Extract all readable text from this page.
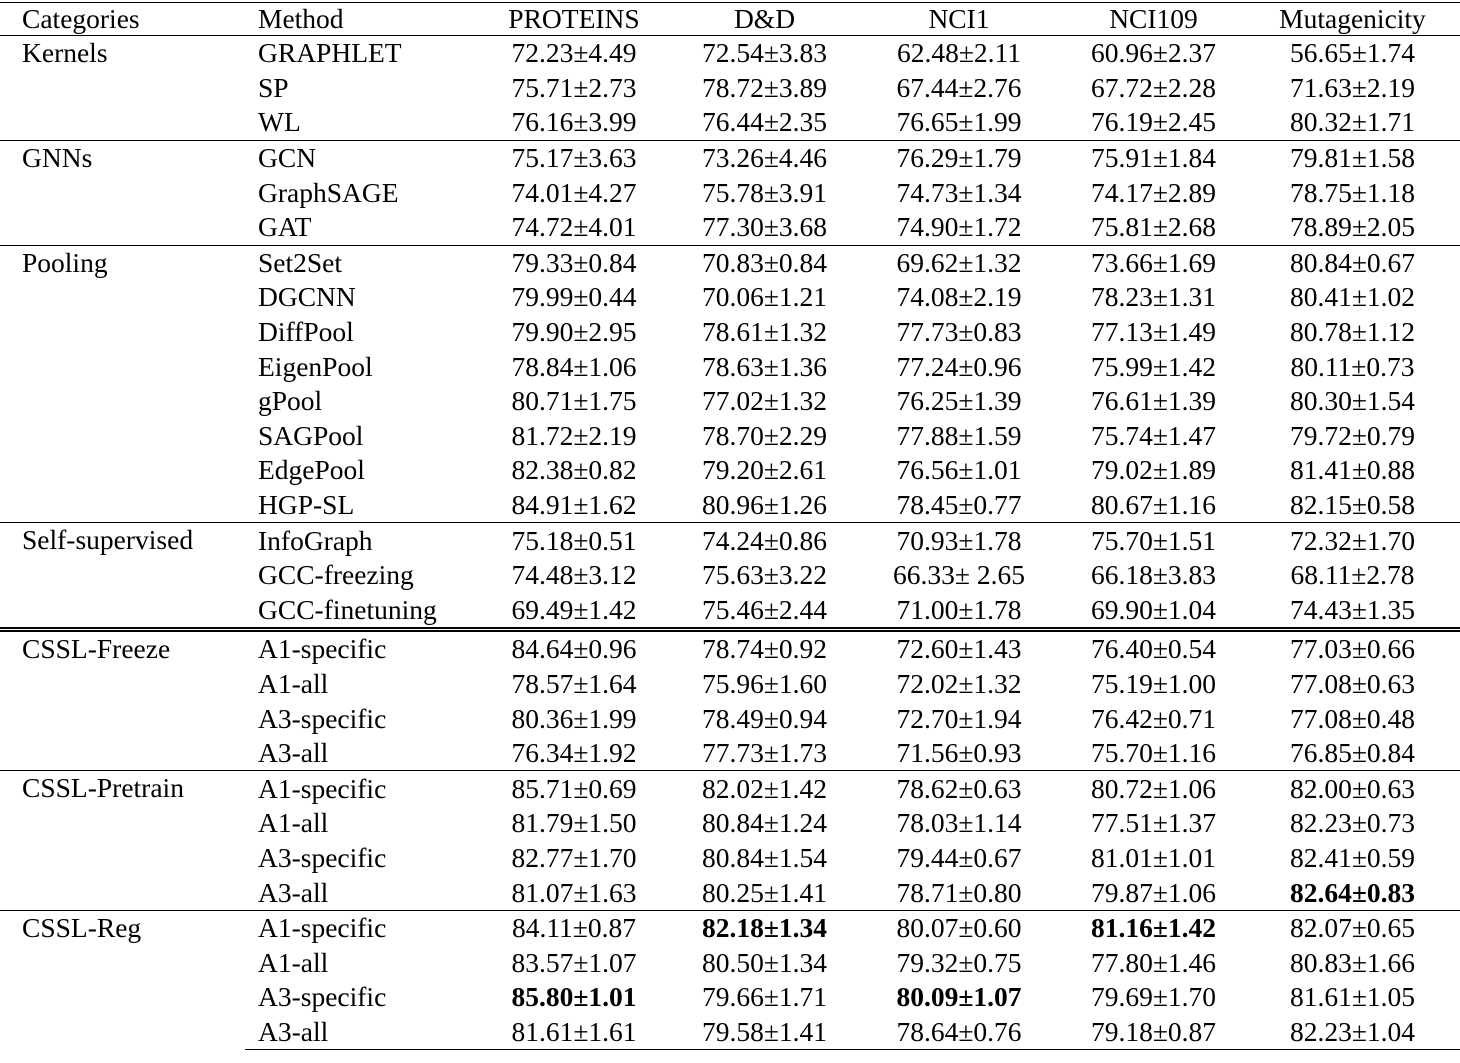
Categories	Method	PROTEINS	D&D	NCI1	NCI109	Mutagenicity
Kernels	GRAPHLET	72.23±4.49	72.54±3.83	62.48±2.11	60.96±2.37	56.65±1.74
	SP	75.71±2.73	78.72±3.89	67.44±2.76	67.72±2.28	71.63±2.19
	WL	76.16±3.99	76.44±2.35	76.65±1.99	76.19±2.45	80.32±1.71
GNNs	GCN	75.17±3.63	73.26±4.46	76.29±1.79	75.91±1.84	79.81±1.58
	GraphSAGE	74.01±4.27	75.78±3.91	74.73±1.34	74.17±2.89	78.75±1.18
	GAT	74.72±4.01	77.30±3.68	74.90±1.72	75.81±2.68	78.89±2.05
Pooling	Set2Set	79.33±0.84	70.83±0.84	69.62±1.32	73.66±1.69	80.84±0.67
	DGCNN	79.99±0.44	70.06±1.21	74.08±2.19	78.23±1.31	80.41±1.02
	DiffPool	79.90±2.95	78.61±1.32	77.73±0.83	77.13±1.49	80.78±1.12
	EigenPool	78.84±1.06	78.63±1.36	77.24±0.96	75.99±1.42	80.11±0.73
	gPool	80.71±1.75	77.02±1.32	76.25±1.39	76.61±1.39	80.30±1.54
	SAGPool	81.72±2.19	78.70±2.29	77.88±1.59	75.74±1.47	79.72±0.79
	EdgePool	82.38±0.82	79.20±2.61	76.56±1.01	79.02±1.89	81.41±0.88
	HGP-SL	84.91±1.62	80.96±1.26	78.45±0.77	80.67±1.16	82.15±0.58
Self-supervised	InfoGraph	75.18±0.51	74.24±0.86	70.93±1.78	75.70±1.51	72.32±1.70
	GCC-freezing	74.48±3.12	75.63±3.22	66.33± 2.65	66.18±3.83	68.11±2.78
	GCC-finetuning	69.49±1.42	75.46±2.44	71.00±1.78	69.90±1.04	74.43±1.35
CSSL-Freeze	A1-specific	84.64±0.96	78.74±0.92	72.60±1.43	76.40±0.54	77.03±0.66
	A1-all	78.57±1.64	75.96±1.60	72.02±1.32	75.19±1.00	77.08±0.63
	A3-specific	80.36±1.99	78.49±0.94	72.70±1.94	76.42±0.71	77.08±0.48
	A3-all	76.34±1.92	77.73±1.73	71.56±0.93	75.70±1.16	76.85±0.84
CSSL-Pretrain	A1-specific	85.71±0.69	82.02±1.42	78.62±0.63	80.72±1.06	82.00±0.63
	A1-all	81.79±1.50	80.84±1.24	78.03±1.14	77.51±1.37	82.23±0.73
	A3-specific	82.77±1.70	80.84±1.54	79.44±0.67	81.01±1.01	82.41±0.59
	A3-all	81.07±1.63	80.25±1.41	78.71±0.80	79.87±1.06	82.64±0.83
CSSL-Reg	A1-specific	84.11±0.87	82.18±1.34	80.07±0.60	81.16±1.42	82.07±0.65
	A1-all	83.57±1.07	80.50±1.34	79.32±0.75	77.80±1.46	80.83±1.66
	A3-specific	85.80±1.01	79.66±1.71	80.09±1.07	79.69±1.70	81.61±1.05
	A3-all	81.61±1.61	79.58±1.41	78.64±0.76	79.18±0.87	82.23±1.04
